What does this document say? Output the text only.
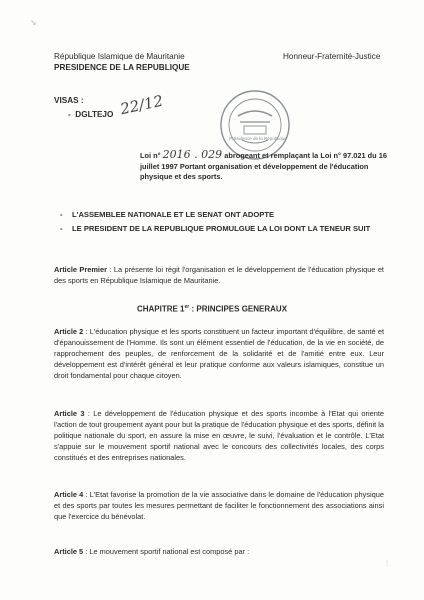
↘
République Islamique de Mauritanie
PRESIDENCE DE LA REPUBLIQUE
Honneur-Fraternité-Justice
VISAS :
-  DGLTEJO 22/12
Présidence de la République
Loi n° 2016 . 029 abrogeant et remplaçant la Loi n° 97.021 du 16
juillet 1997 Portant organisation et développement de l'éducation
physique et des sports.
- L'ASSEMBLEE NATIONALE ET LE SENAT ONT ADOPTE
- LE PRESIDENT DE LA REPUBLIQUE PROMULGUE LA LOI DONT LA TENEUR SUIT
Article Premier : La présente loi régit l'organisation et le développement de l'éducation physique et des sports en République Islamique de Mauritanie.
CHAPITRE 1er : PRINCIPES GENERAUX
Article 2 : L'éducation physique et les sports constituent un facteur important d'équilibre, de santé et d'épanouissement de l'Homme. Ils sont un élément essentiel de l'éducation, de la vie en société, de rapprochement des peuples, de renforcement de la solidarité et de l'amitié entre eux. Leur développement est d'intérêt général et leur pratique conforme aux valeurs islamiques, constitue un droit fondamental pour chaque citoyen.
Article 3 : Le développement de l'éducation physique et des sports incombe à l'Etat qui oriente l'action de tout groupement ayant pour but la pratique de l'éducation physique et des sports, définit la politique nationale du sport, en assure la mise en œuvre, le suivi, l'évaluation et le contrôle. L'Etat s'appuie sur le mouvement sportif national avec le concours des collectivités locales, des corps constitués et des entreprises nationales.
Article 4 : L'Etat favorise la promotion de la vie associative dans le domaine de l'éducation physique et des sports par toutes les mesures permettant de faciliter le fonctionnement des associations ainsi que l'exercice du bénévolat.
Article 5 : Le mouvement sportif national est composé par :
⋮
